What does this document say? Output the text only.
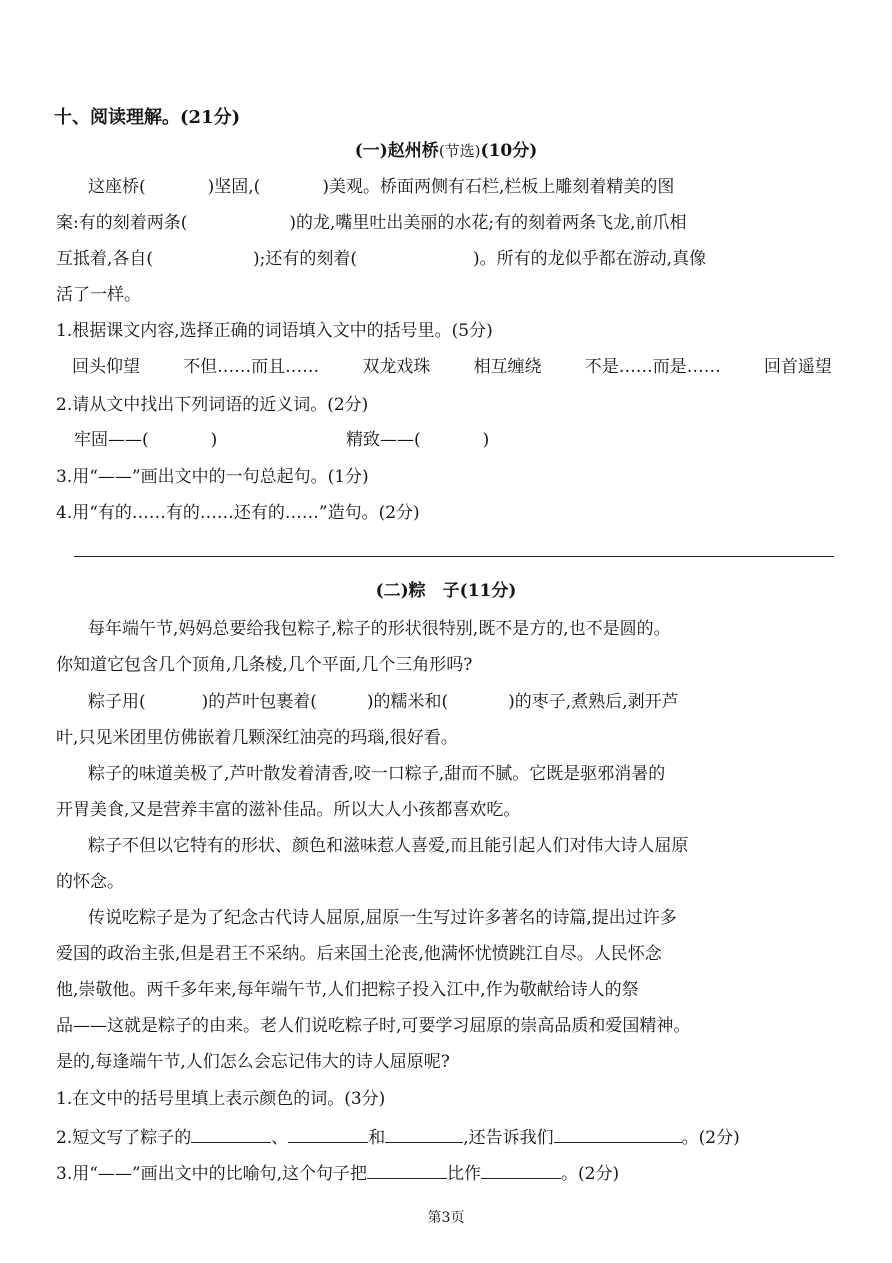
十、阅读理解。(21分)
(一)赵州桥(节选)(10分)
这座桥(	)坚固,(	)美观。桥面两侧有石栏,栏板上雕刻着精美的图
案:有的刻着两条(	)的龙,嘴里吐出美丽的水花;有的刻着两条飞龙,前爪相
互抵着,各自(	);还有的刻着(	)。所有的龙似乎都在游动,真像
活了一样。
1.根据课文内容,选择正确的词语填入文中的括号里。(5分)
回头仰望	不但……而且……	双龙戏珠	相互缠绕	不是……而是……	回首遥望
2.请从文中找出下列词语的近义词。(2分)
牢固——(	)	精致——(	)
3.用“——”画出文中的一句总起句。(1分)
4.用“有的……有的……还有的……”造句。(2分)
(二)粽　子(11分)
每年端午节,妈妈总要给我包粽子,粽子的形状很特别,既不是方的,也不是圆的。
你知道它包含几个顶角,几条棱,几个平面,几个三角形吗?
粽子用(	)的芦叶包裹着(	)的糯米和(	)的枣子,煮熟后,剥开芦
叶,只见米团里仿佛嵌着几颗深红油亮的玛瑙,很好看。
粽子的味道美极了,芦叶散发着清香,咬一口粽子,甜而不腻。它既是驱邪消暑的
开胃美食,又是营养丰富的滋补佳品。所以大人小孩都喜欢吃。
粽子不但以它特有的形状、颜色和滋味惹人喜爱,而且能引起人们对伟大诗人屈原
的怀念。
传说吃粽子是为了纪念古代诗人屈原,屈原一生写过许多著名的诗篇,提出过许多
爱国的政治主张,但是君王不采纳。后来国土沦丧,他满怀忧愤跳江自尽。人民怀念
他,崇敬他。两千多年来,每年端午节,人们把粽子投入江中,作为敬献给诗人的祭
品——这就是粽子的由来。老人们说吃粽子时,可要学习屈原的崇高品质和爱国精神。
是的,每逢端午节,人们怎么会忘记伟大的诗人屈原呢?
1.在文中的括号里填上表示颜色的词。(3分)
2.短文写了粽子的	、	和	,还告诉我们	。(2分)
3.用“——”画出文中的比喻句,这个句子把	比作	。(2分)
第3页
